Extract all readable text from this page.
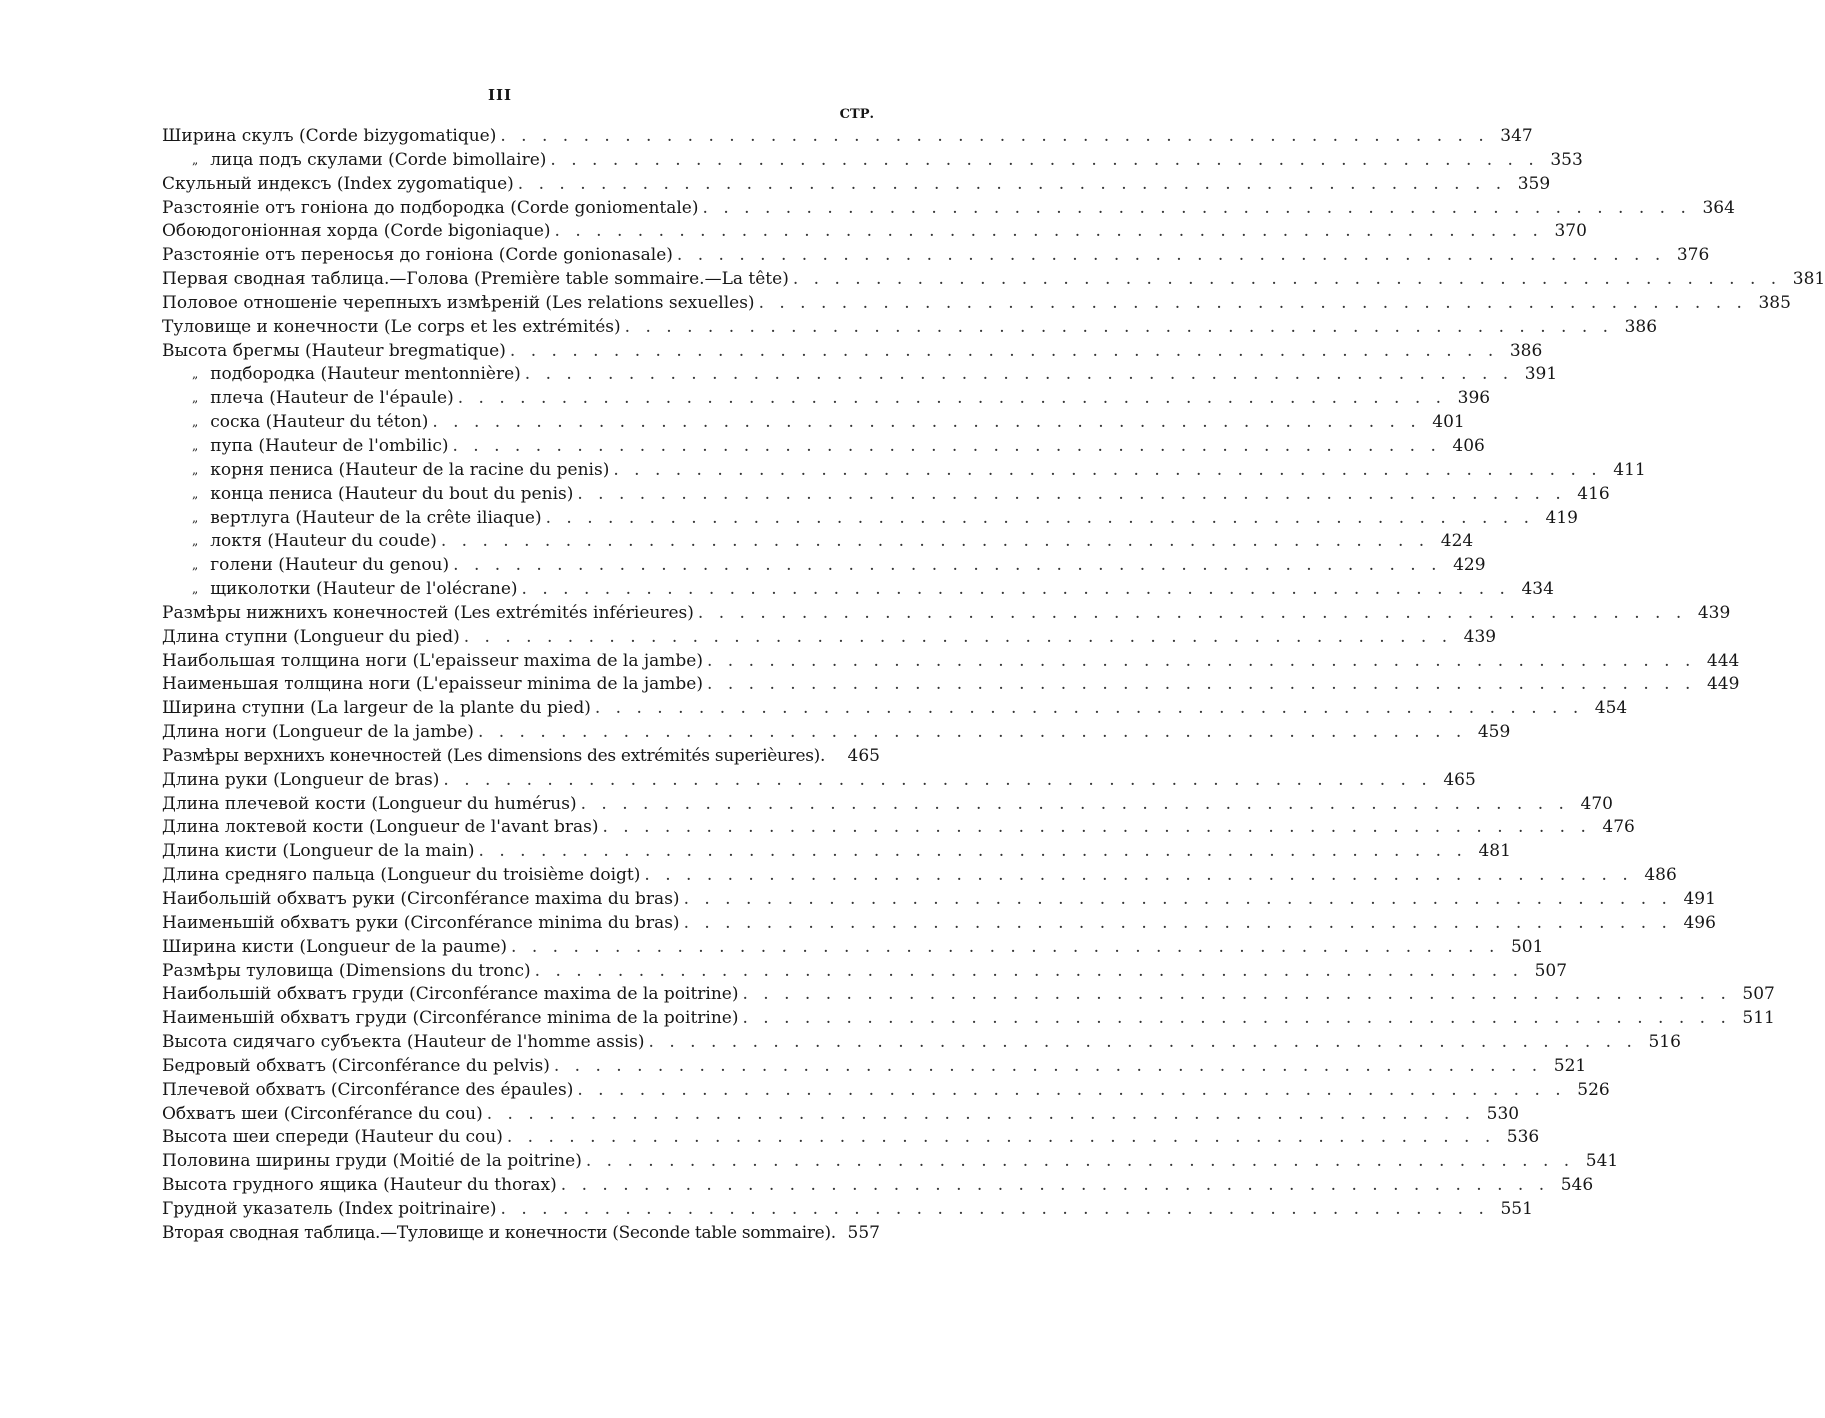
III
СТР.
Ширина скулъ (Corde bizygomatique) . . .	347
„ лица подъ скулами (Corde bimollaire) . . .	353
Скульный индексъ (Index zygomatique) . . .	359
Разстояніе отъ гоніона до подбородка (Corde goniomentale) . . .	364
Обоюдогоніонная хорда (Corde bigoniaque) . . .	370
Разстояніе отъ переносья до гоніона (Corde gonionasale) . . .	376
Первая сводная таблица.—Голова (Première table sommaire.—La tête) . . .	381
Половое отношеніе черепныхъ измѣреній (Les relations sexuelles) . . .	385
Туловище и конечности (Le corps et les extrémités) . . .	386
Высота брегмы (Hauteur bregmatique) . . .	386
„ подбородка (Hauteur mentonnière) . . .	391
„ плеча (Hauteur de l'épaule) . . .	396
„ соска (Hauteur du téton) . . .	401
„ пупа (Hauteur de l'ombilic) . . .	406
„ корня пениса (Hauteur de la racine du penis) . . .	411
„ конца пениса (Hauteur du bout du penis) . . .	416
„ вертлуга (Hauteur de la crête iliaque) . . .	419
„ локтя (Hauteur du coude) . . .	424
„ голени (Hauteur du genou) . . .	429
„ щиколотки (Hauteur de l'olécrane) . . .	434
Размѣры нижнихъ конечностей (Les extrémités inférieures) . . .	439
Длина ступни (Longueur du pied) . . .	439
Наибольшая толщина ноги (L'epaisseur maxima de la jambe) . . .	444
Наименьшая толщина ноги (L'epaisseur minima de la jambe) . . .	449
Ширина ступни (La largeur de la plante du pied) . . .	454
Длина ноги (Longueur de la jambe) . . .	459
Размѣры верхнихъ конечностей (Les dimensions des extrémités superièures).	465
Длина руки (Longueur de bras) . . .	465
Длина плечевой кости (Longueur du humérus) . . .	470
Длина локтевой кости (Longueur de l'avant bras) . . .	476
Длина кисти (Longueur de la main) . . .	481
Длина средняго пальца (Longueur du troisième doigt) . . .	486
Наибольшій обхватъ руки (Circonférance maxima du bras) . . .	491
Наименьшій обхватъ руки (Circonférance minima du bras) . . .	496
Ширина кисти (Longueur de la paume) . . .	501
Размѣры туловища (Dimensions du tronc) . . .	507
Наибольшій обхватъ груди (Circonférance maxima de la poitrine) . . .	507
Наименьшій обхватъ груди (Circonférance minima de la poitrine) . . .	511
Высота сидячаго субъекта (Hauteur de l'homme assis) . . .	516
Бедровый обхватъ (Circonférance du pelvis) . . .	521
Плечевой обхватъ (Circonférance des épaules) . . .	526
Обхватъ шеи (Circonférance du cou) . . .	530
Высота шеи спереди (Hauteur du cou) . . .	536
Половина ширины груди (Moitié de la poitrine) . . .	541
Высота грудного ящика (Hauteur du thorax) . . .	546
Грудной указатель (Index poitrinaire) . . .	551
Вторая сводная таблица.—Туловище и конечности (Seconde table sommaire). 557
